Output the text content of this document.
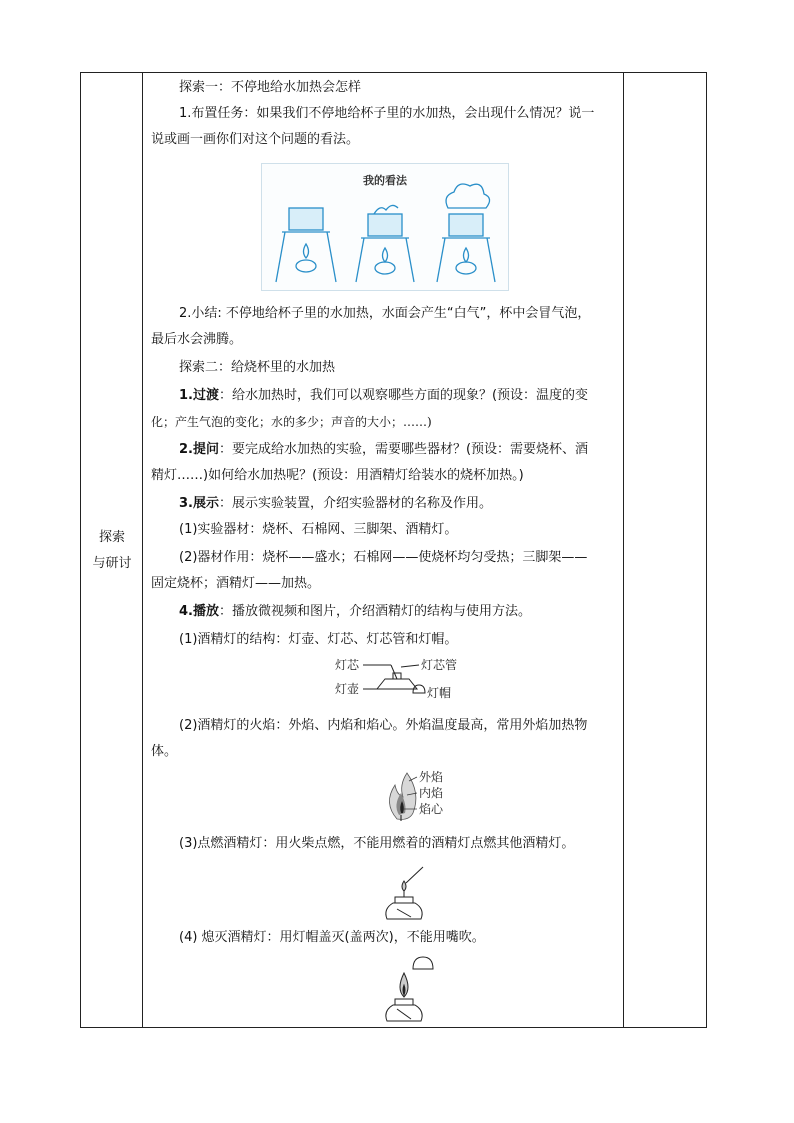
探索
与研讨
探索一：不停地给水加热会怎样
1.布置任务：如果我们不停地给杯子里的水加热，会出现什么情况？说一
说或画一画你们对这个问题的看法。
我的看法
2.小结: 不停地给杯子里的水加热，水面会产生“白气”，杯中会冒气泡，
最后水会沸腾。
探索二：给烧杯里的水加热
1.过渡：给水加热时，我们可以观察哪些方面的现象？(预设：温度的变
化；产生气泡的变化；水的多少；声音的大小；……)
2.提问：要完成给水加热的实验，需要哪些器材？(预设：需要烧杯、酒
精灯……)如何给水加热呢？(预设：用酒精灯给装水的烧杯加热。)
3.展示：展示实验装置，介绍实验器材的名称及作用。
(1)实验器材：烧杯、石棉网、三脚架、酒精灯。
(2)器材作用：烧杯——盛水；石棉网——使烧杯均匀受热；三脚架——
固定烧杯；酒精灯——加热。
4.播放：播放微视频和图片，介绍酒精灯的结构与使用方法。
(1)酒精灯的结构：灯壶、灯芯、灯芯管和灯帽。
灯芯
灯壶
灯芯管
灯帽
(2)酒精灯的火焰：外焰、内焰和焰心。外焰温度最高，常用外焰加热物
体。
外焰
内焰
焰心
(3)点燃酒精灯：用火柴点燃，不能用燃着的酒精灯点燃其他酒精灯。
(4) 熄灭酒精灯：用灯帽盖灭(盖两次)，不能用嘴吹。
